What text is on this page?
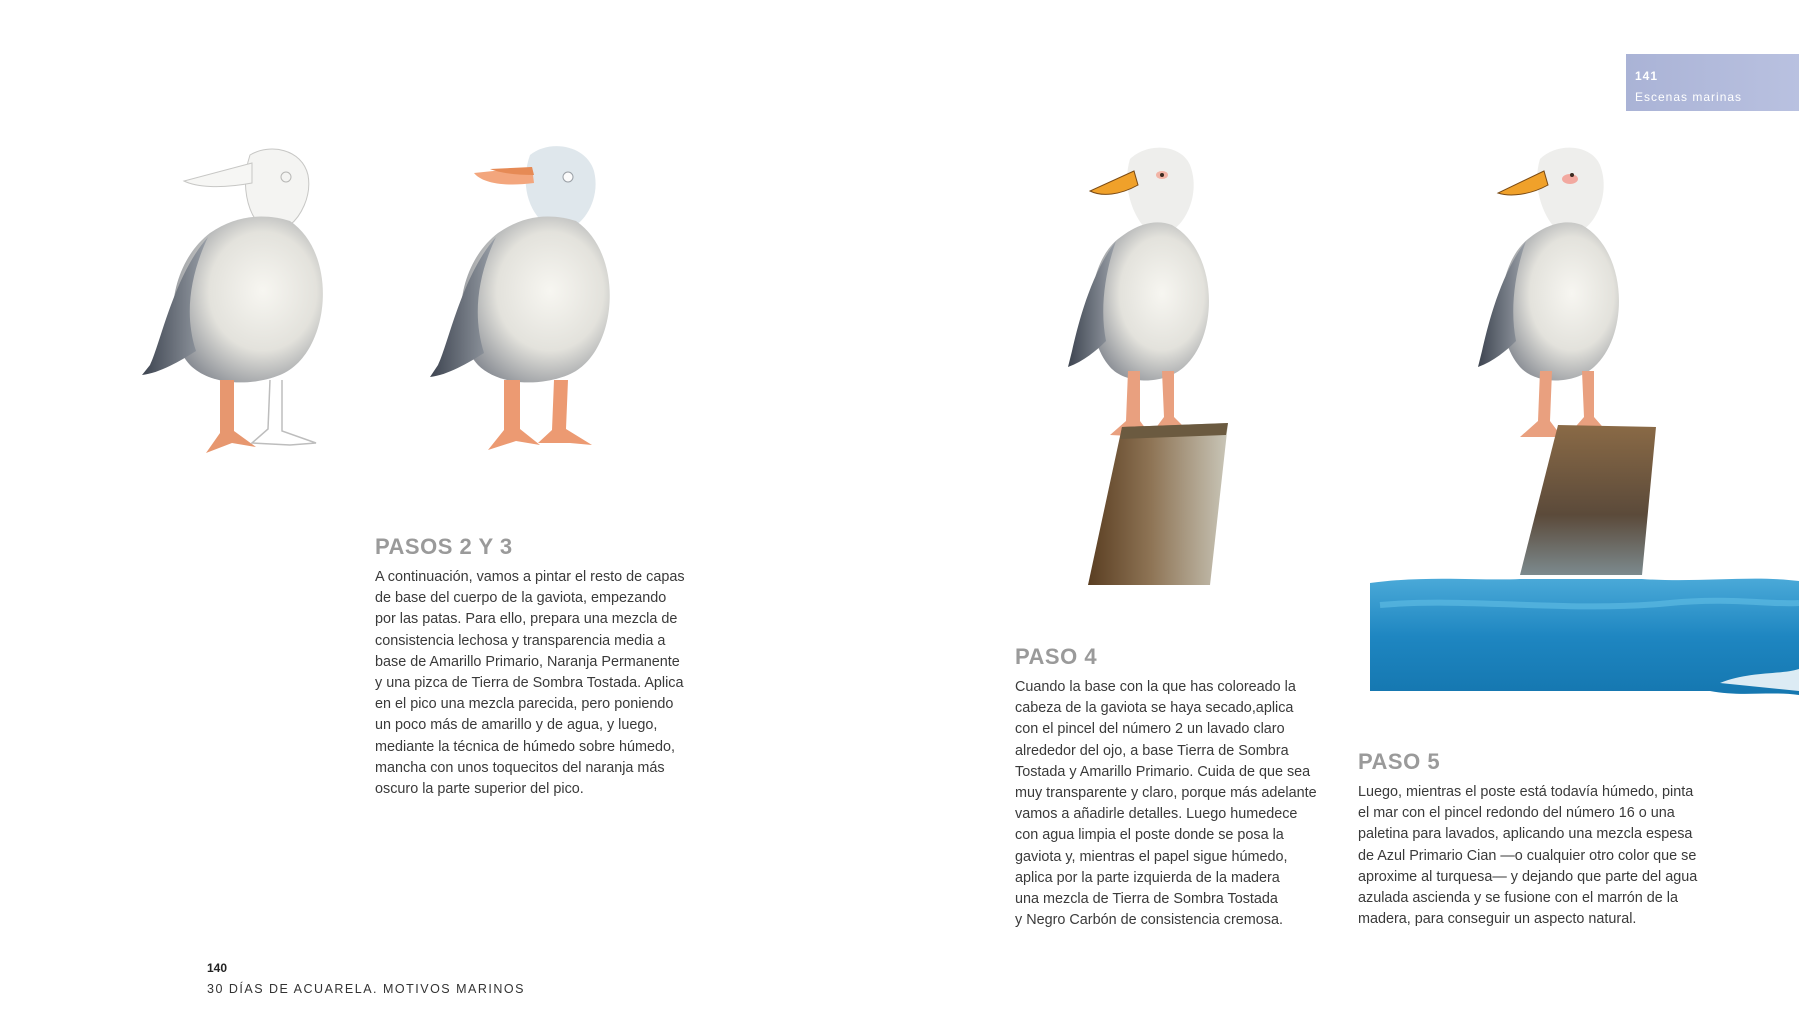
141
Escenas marinas
PASOS 2 Y 3

A continuación, vamos a pintar el resto de capas
de base del cuerpo de la gaviota, empezando
por las patas. Para ello, prepara una mezcla de
consistencia lechosa y transparencia media a
base de Amarillo Primario, Naranja Permanente
y una pizca de Tierra de Sombra Tostada. Aplica
en el pico una mezcla parecida, pero poniendo
un poco más de amarillo y de agua, y luego,
mediante la técnica de húmedo sobre húmedo,
mancha con unos toquecitos del naranja más
oscuro la parte superior del pico.

PASO 4

Cuando la base con la que has coloreado la
cabeza de la gaviota se haya secado,aplica
con el pincel del número 2 un lavado claro
alrededor del ojo, a base Tierra de Sombra
Tostada y Amarillo Primario. Cuida de que sea
muy transparente y claro, porque más adelante
vamos a añadirle detalles. Luego humedece
con agua limpia el poste donde se posa la
gaviota y, mientras el papel sigue húmedo,
aplica por la parte izquierda de la madera
una mezcla de Tierra de Sombra Tostada
y Negro Carbón de consistencia cremosa.

PASO 5

Luego, mientras el poste está todavía húmedo, pinta
el mar con el pincel redondo del número 16 o una
paletina para lavados, aplicando una mezcla espesa
de Azul Primario Cian —o cualquier otro color que se
aproxime al turquesa— y dejando que parte del agua
azulada ascienda y se fusione con el marrón de la
madera, para conseguir un aspecto natural.

140
30 DÍAS DE ACUARELA. MOTIVOS MARINOS
